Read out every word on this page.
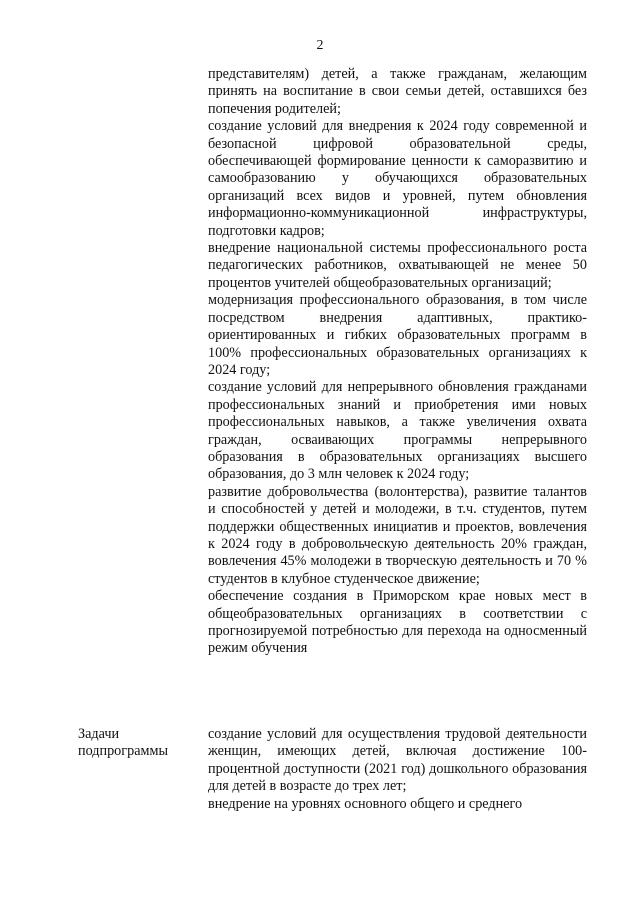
2

представителям) детей, а также гражданам, желающим принять на воспитание в свои семьи детей, оставшихся без попечения родителей;

создание условий для внедрения к 2024 году современной и безопасной цифровой образовательной среды, обеспечивающей формирование ценности к саморазвитию и самообразованию у обучающихся образовательных организаций всех видов и уровней, путем обновления информационно-коммуникационной инфраструктуры, подготовки кадров;

внедрение национальной системы профессионального роста педагогических работников, охватывающей не менее 50 процентов учителей общеобразовательных организаций;

модернизация профессионального образования, в том числе посредством внедрения адаптивных, практико-ориентированных и гибких образовательных программ в 100% профессиональных образовательных организациях к 2024 году;

создание условий для непрерывного обновления гражданами профессиональных знаний и приобретения ими новых профессиональных навыков, а также увеличения охвата граждан, осваивающих программы непрерывного образования в образовательных организациях высшего образования, до 3 млн человек к 2024 году;

развитие добровольчества (волонтерства), развитие талантов и способностей у детей и молодежи, в т.ч. студентов, путем поддержки общественных инициатив и проектов, вовлечения к 2024 году в добровольческую деятельность 20% граждан, вовлечения 45% молодежи в творческую деятельность и 70 % студентов в клубное студенческое движение;

обеспечение создания в Приморском крае новых мест в общеобразовательных организациях в соответствии с прогнозируемой потребностью для перехода на односменный режим обучения

Задачи подпрограммы

создание условий для осуществления трудовой деятельности женщин, имеющих детей, включая достижение 100-процентной доступности (2021 год) дошкольного образования для детей в возрасте до трех лет;

внедрение на уровнях основного общего и среднего
